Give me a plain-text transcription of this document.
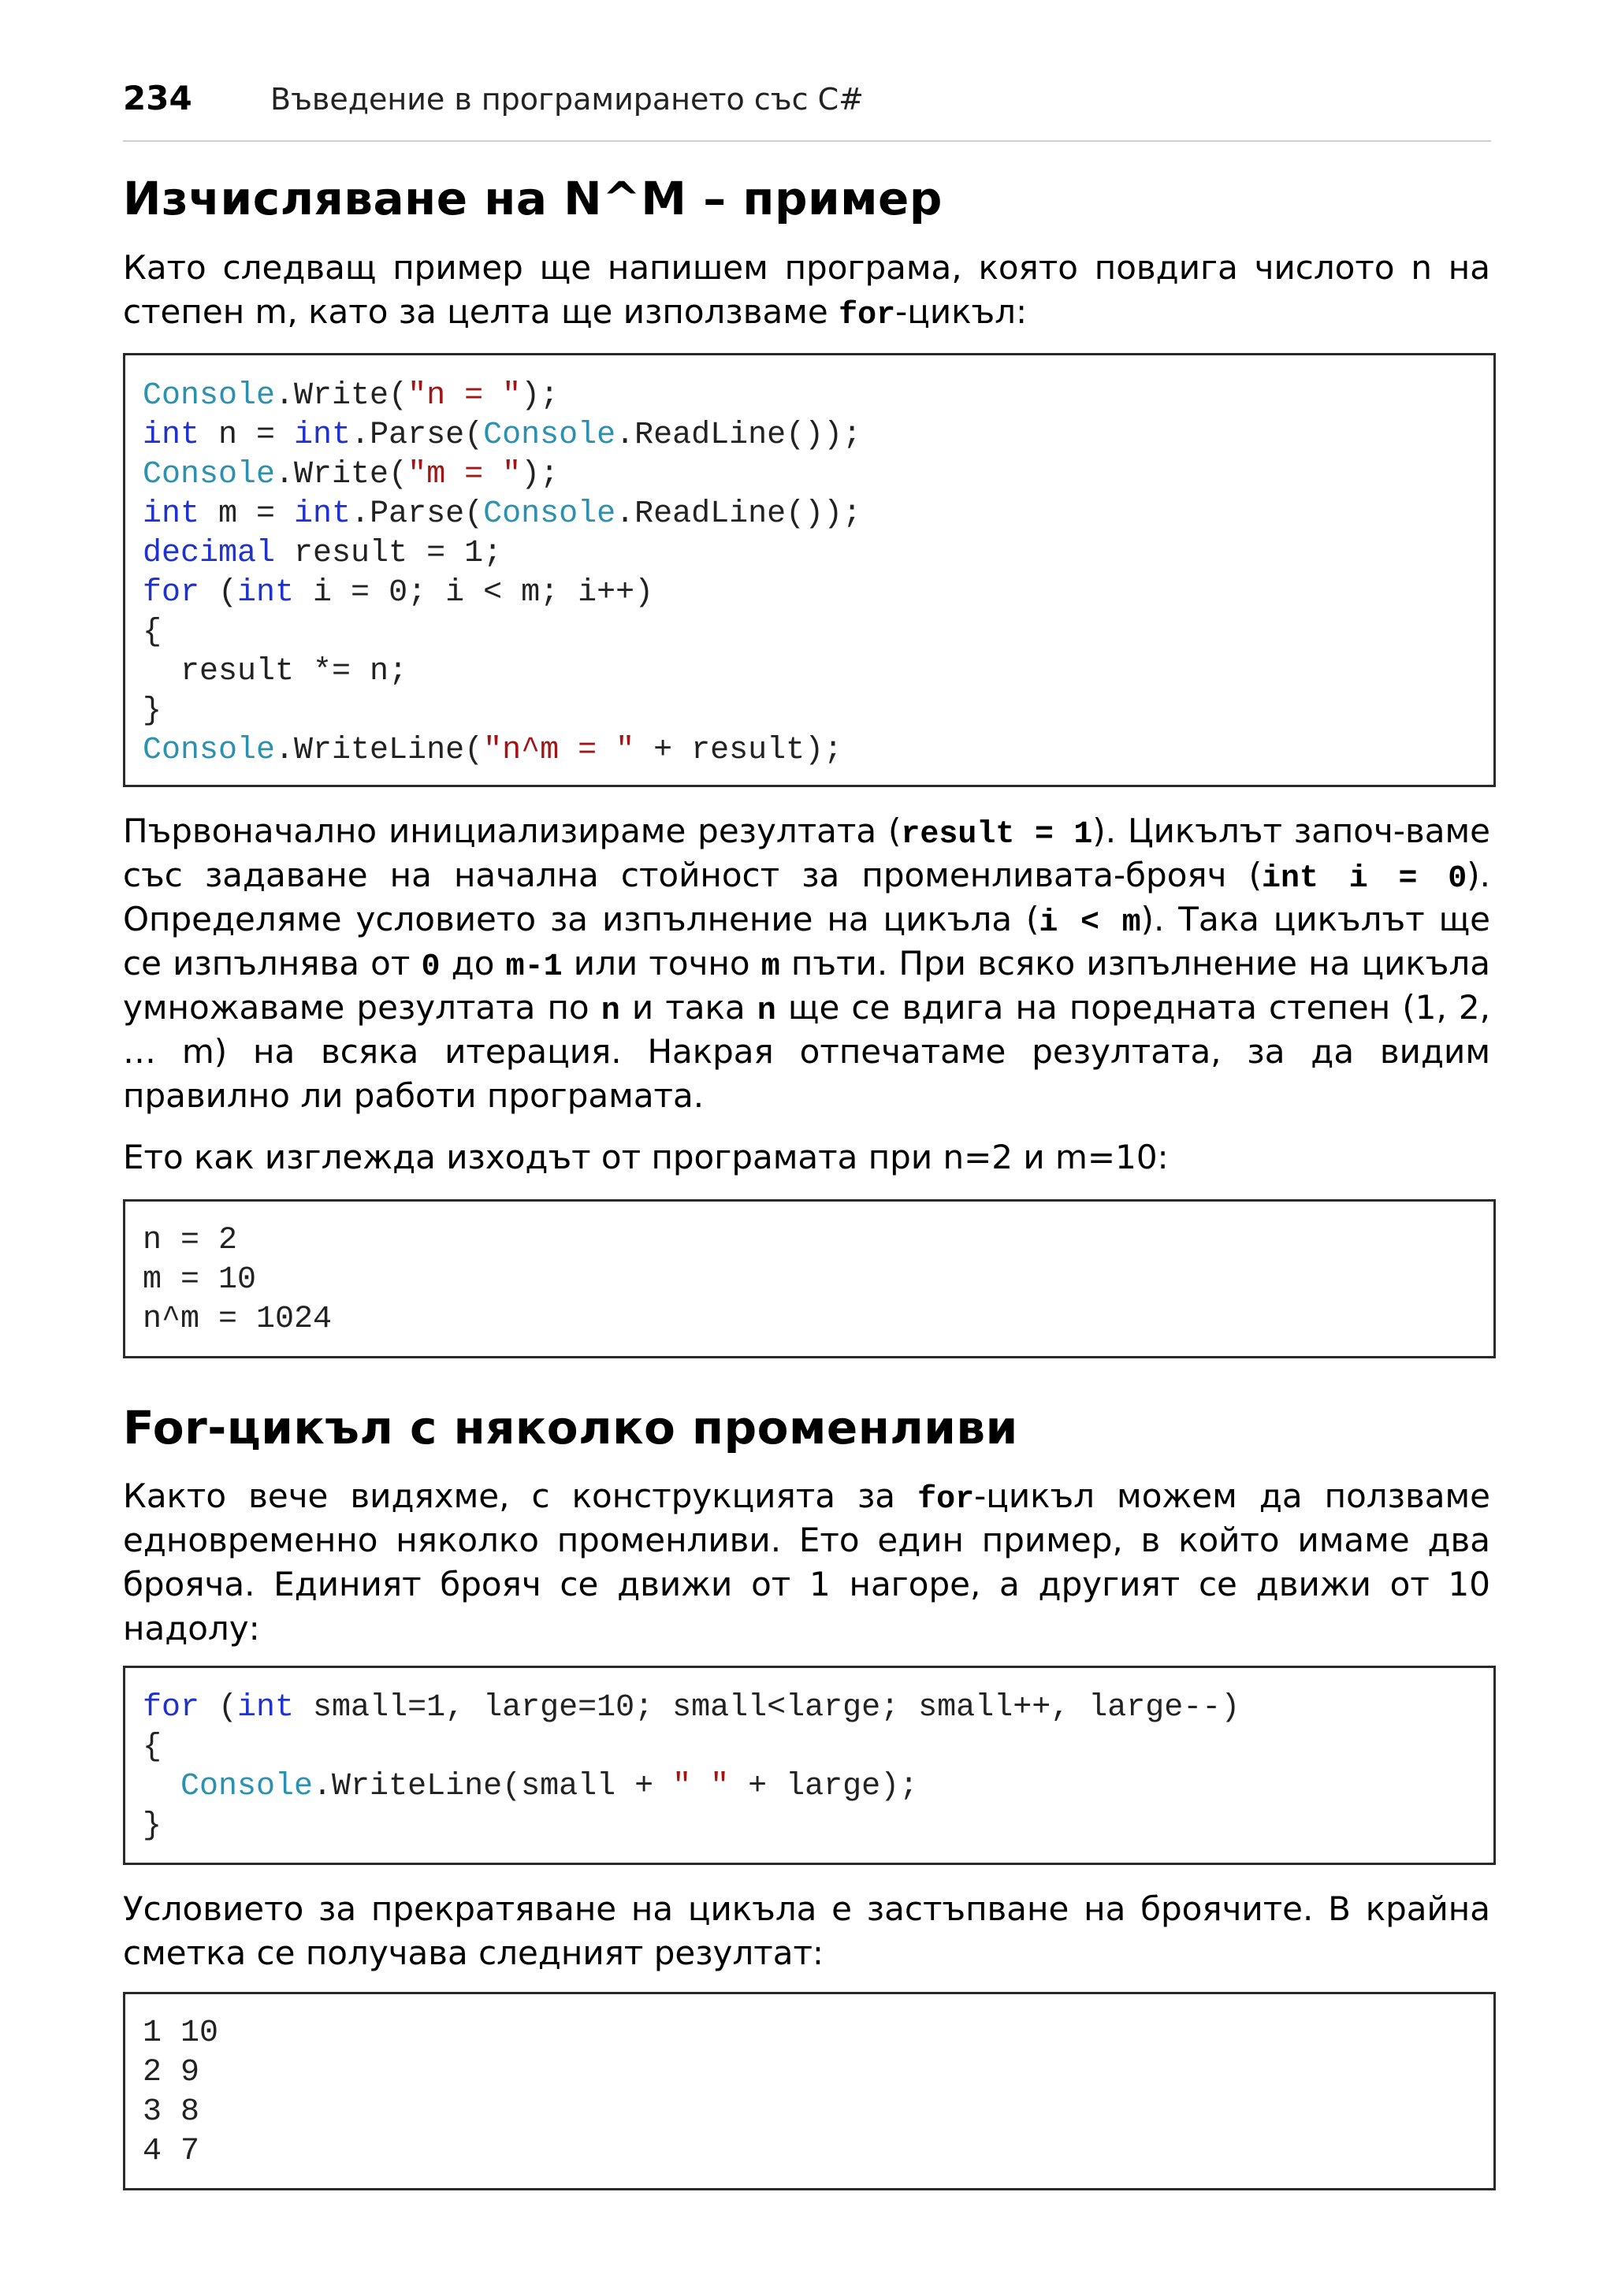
234	Въведение в програмирането със C#
Изчисляване на N^M – пример

Като следващ пример ще напишем програма, която повдига числото n на степен m, като за целта ще използваме for-цикъл:

Console.Write("n = ");
int n = int.Parse(Console.ReadLine());
Console.Write("m = ");
int m = int.Parse(Console.ReadLine());
decimal result = 1;
for (int i = 0; i < m; i++)
{
result *= n;
}
Console.WriteLine("n^m = " + result);

Първоначално инициализираме резултата (result = 1). Цикълът започ-ваме със задаване на начална стойност за променливата-брояч (int i = 0). Определяме условието за изпълнение на цикъла (i < m). Така цикълът ще се изпълнява от 0 до m-1 или точно m пъти. При всяко изпълнение на цикъла умножаваме резултата по n и така n ще се вдига на поредната степен (1, 2, … m) на всяка итерация. Накрая отпечатаме резултата, за да видим правилно ли работи програмата.

Ето как изглежда изходът от програмата при n=2 и m=10:

n = 2
m = 10
n^m = 1024
For-цикъл с няколко променливи

Както вече видяхме, с конструкцията за for-цикъл можем да ползваме едновременно няколко променливи. Ето един пример, в който имаме два брояча. Единият брояч се движи от 1 нагоре, а другият се движи от 10 надолу:

for (int small=1, large=10; small<large; small++, large--)
{
Console.WriteLine(small + " " + large);
}

Условието за прекратяване на цикъла е застъпване на броячите. В крайна сметка се получава следният резултат:

1 10
2 9
3 8
4 7
